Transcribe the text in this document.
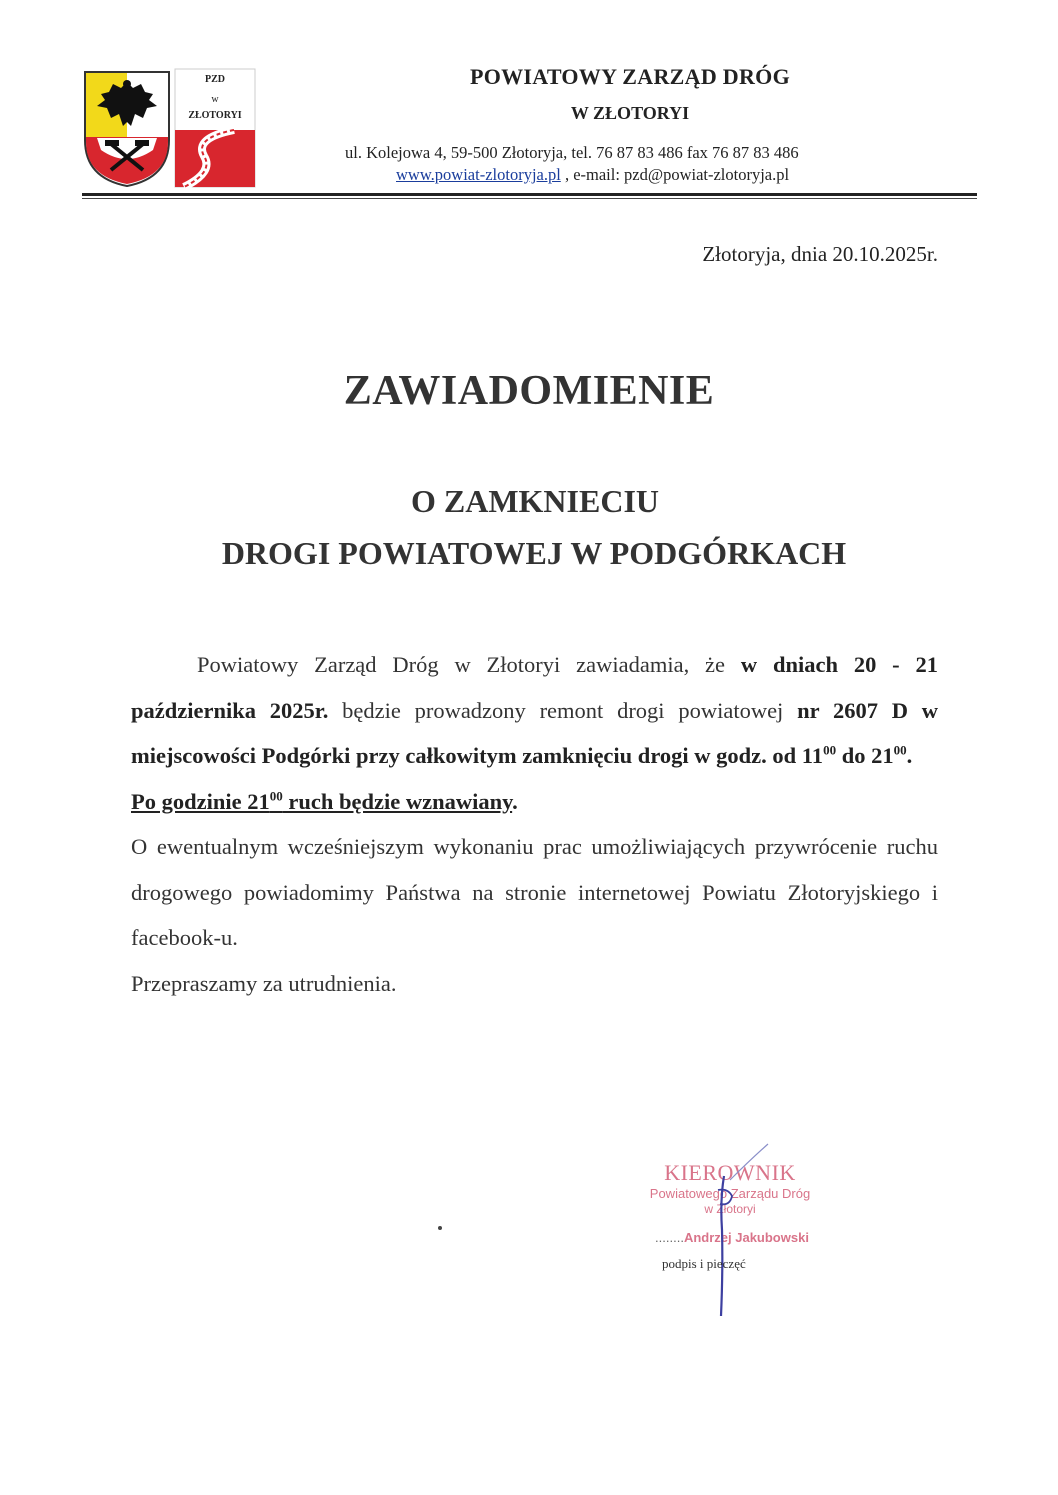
PZD
w
ZŁOTORYI
POWIATOWY ZARZĄD DRÓG
W ZŁOTORYI
ul. Kolejowa 4, 59-500 Złotoryja, tel. 76 87 83 486 fax 76 87 83 486
www.powiat-zlotoryja.pl , e-mail: pzd@powiat-zlotoryja.pl
Złotoryja, dnia 20.10.2025r.
ZAWIADOMIENIE
O ZAMKNIECIU
DROGI POWIATOWEJ W PODGÓRKACH

Powiatowy Zarząd Dróg w Złotoryi zawiadamia, że w dniach 20 - 21 października 2025r. będzie prowadzony remont drogi powiatowej nr 2607 D w miejscowości Podgórki przy całkowitym zamknięciu drogi w godz. od $11^{00}$ do $21^{00}$.

Po godzinie $21^{00}$ ruch będzie wznawiany.

O ewentualnym wcześniejszym wykonaniu prac umożliwiających przywrócenie ruchu drogowego powiadomimy Państwa na stronie internetowej Powiatu Złotoryjskiego i facebook-u.

Przepraszamy za utrudnienia.

KIEROWNIK
Powiatowego Zarządu Dróg
w Złotoryi
........Andrzej Jakubowski
podpis i pieczęć
